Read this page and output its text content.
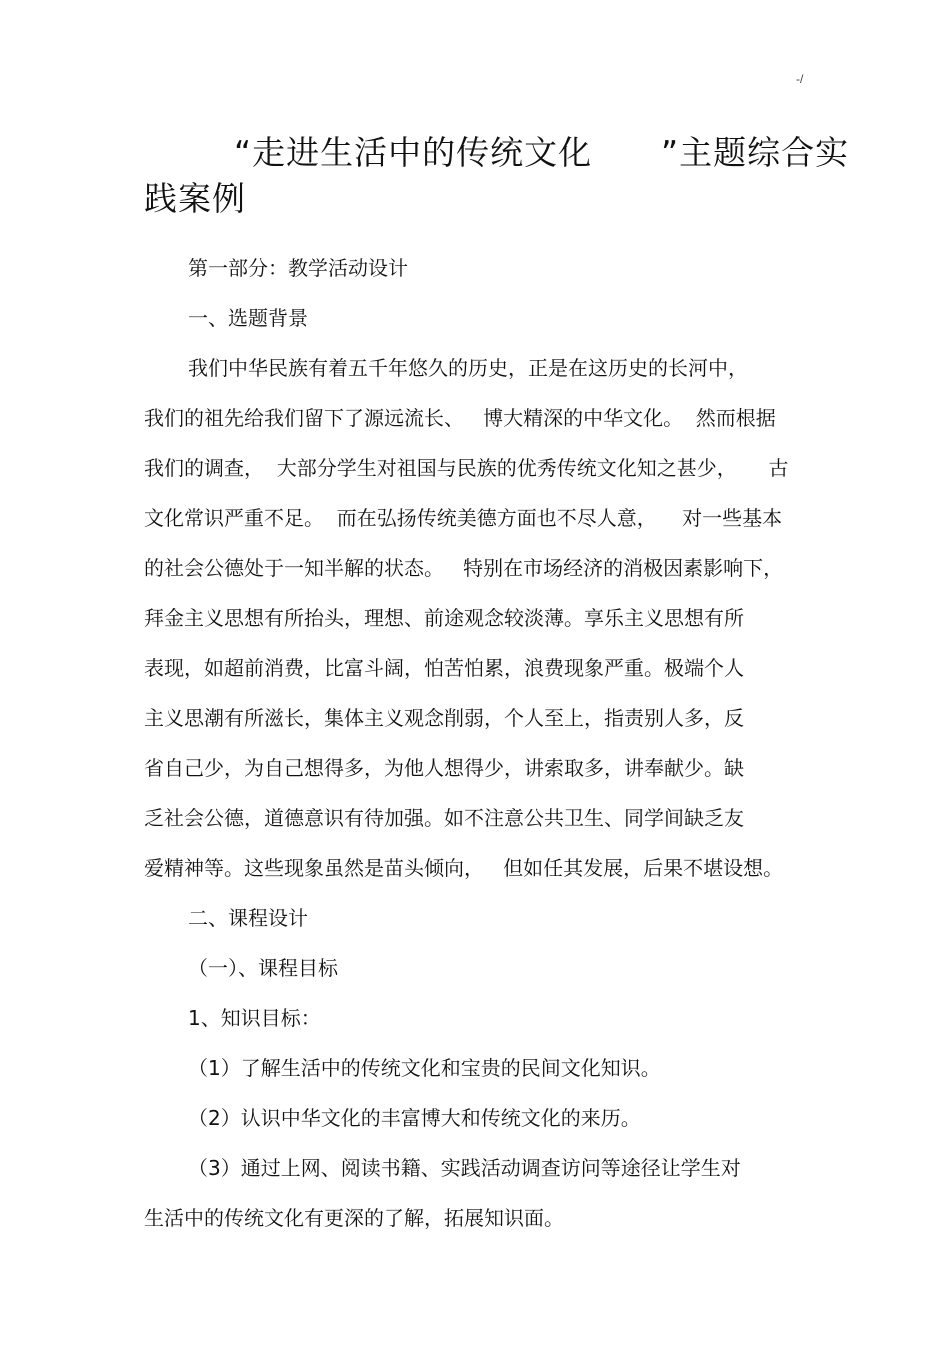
-/
“走进生活中的传统文化      ”主题综合实
践案例
第一部分：教学活动设计
一、选题背景
我们中华民族有着五千年悠久的历史，正是在这历史的长河中，
我们的祖先给我们留下了源远流长、   博大精深的中华文化。  然而根据
我们的调查，  大部分学生对祖国与民族的优秀传统文化知之甚少，     古
文化常识严重不足。  而在弘扬传统美德方面也不尽人意，    对一些基本
的社会公德处于一知半解的状态。   特别在市场经济的消极因素影响下，
拜金主义思想有所抬头，理想、前途观念较淡薄。享乐主义思想有所
表现，如超前消费，比富斗阔，怕苦怕累，浪费现象严重。极端个人
主义思潮有所滋长，集体主义观念削弱，个人至上，指责别人多，反
省自己少，为自己想得多，为他人想得少，讲索取多，讲奉献少。缺
乏社会公德，道德意识有待加强。如不注意公共卫生、同学间缺乏友
爱精神等。这些现象虽然是苗头倾向，   但如任其发展，后果不堪设想。
二、课程设计
（一）、课程目标
1、知识目标：
（1）了解生活中的传统文化和宝贵的民间文化知识。
（2）认识中华文化的丰富博大和传统文化的来历。
（3）通过上网、阅读书籍、实践活动调查访问等途径让学生对
生活中的传统文化有更深的了解，拓展知识面。
